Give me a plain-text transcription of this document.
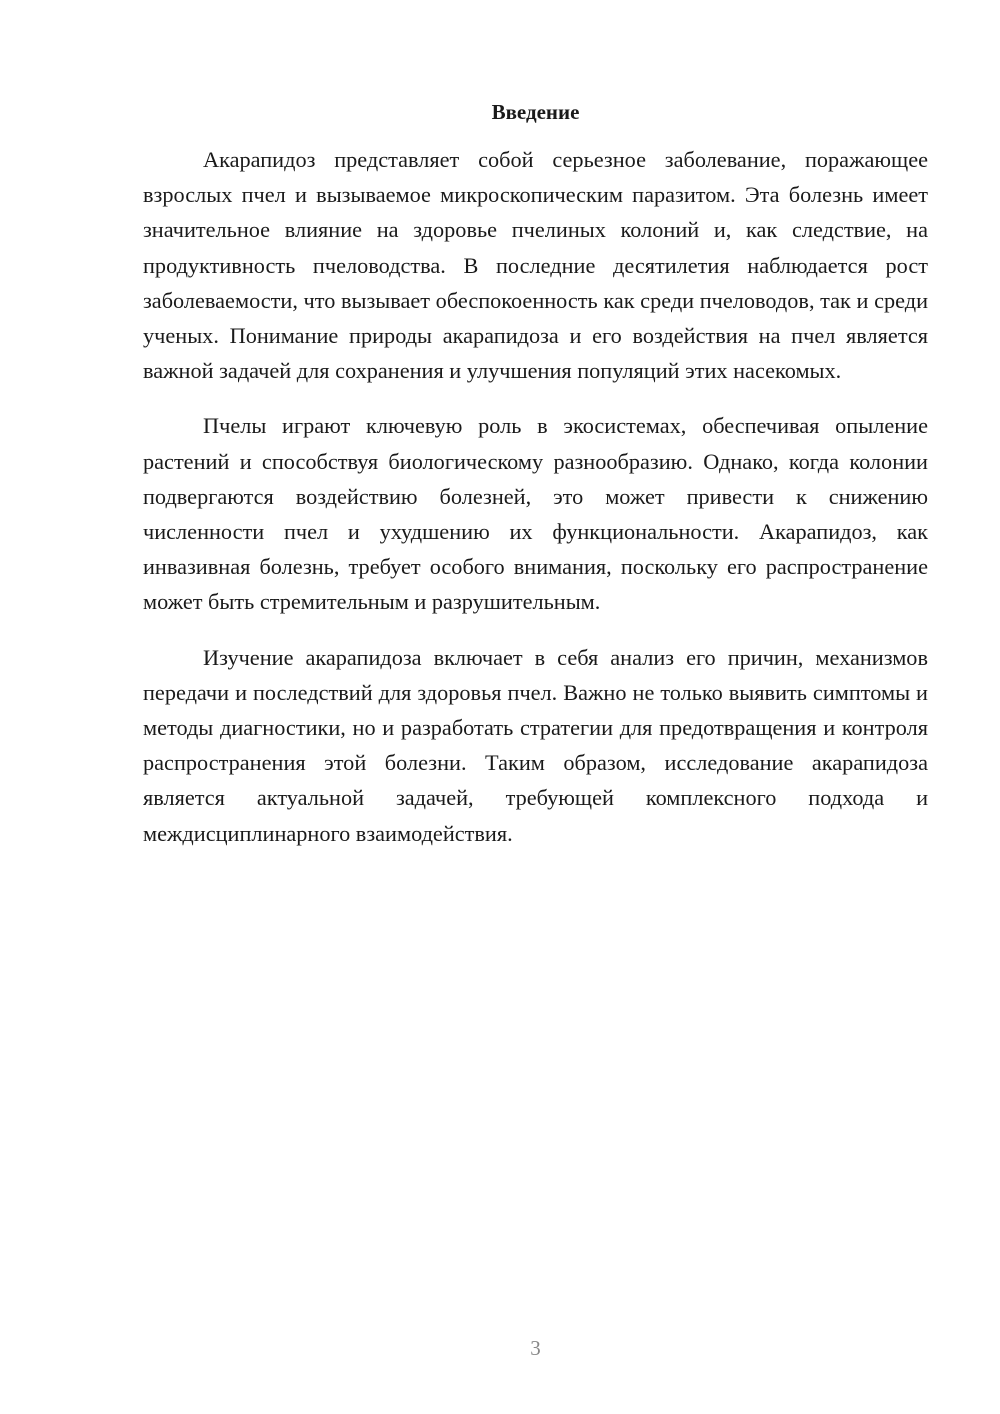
Введение

Акарапидоз представляет собой серьезное заболевание, поражающее взрослых пчел и вызываемое микроскопическим паразитом. Эта болезнь имеет значительное влияние на здоровье пчелиных колоний и, как следствие, на продуктивность пчеловодства. В последние десятилетия наблюдается рост заболеваемости, что вызывает обеспокоенность как среди пчеловодов, так и среди ученых. Понимание природы акарапидоза и его воздействия на пчел является важной задачей для сохранения и улучшения популяций этих насекомых.

Пчелы играют ключевую роль в экосистемах, обеспечивая опыление растений и способствуя биологическому разнообразию. Однако, когда колонии подвергаются воздействию болезней, это может привести к снижению численности пчел и ухудшению их функциональности. Акарапидоз, как инвазивная болезнь, требует особого внимания, поскольку его распространение может быть стремительным и разрушительным.

Изучение акарапидоза включает в себя анализ его причин, механизмов передачи и последствий для здоровья пчел. Важно не только выявить симптомы и методы диагностики, но и разработать стратегии для предотвращения и контроля распространения этой болезни. Таким образом, исследование акарапидоза является актуальной задачей, требующей комплексного подхода и междисциплинарного взаимодействия.

3
